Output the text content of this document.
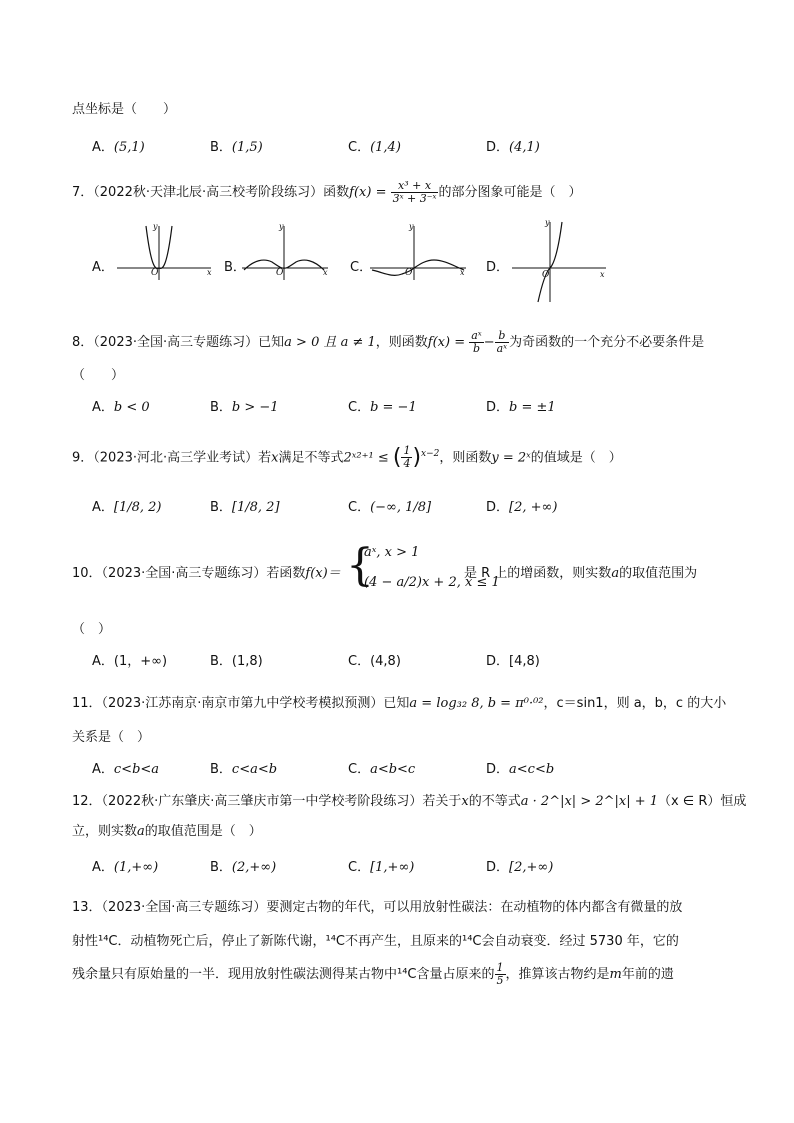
点坐标是（　　）
A．(5,1)	B．(1,5)	C．(1,4)	D．(4,1)
7．（2022秋·天津北辰·高三校考阶段练习）函数$f(x) = \frac{\text{x³ + x}}{\text{3ˣ + 3⁻ˣ}}$ 的部分图象可能是（　）
A．
y
x
O	B．
y
x
O	C．
y
x
O	D．
y
x
O
8．（2023·全国·高三专题练习）已知a > 0 且 a ≠ 1，则函数$f(x) = \frac{\text{aˣ}}{b} - \frac{b}{\text{aˣ}}$ 为奇函数的一个充分不必要条件是
（　　）
A．b < 0	B．b > −1	C．b = −1	D．b = ±1
9．（2023·河北·高三学业考试）若x满足不等式2ˣ²⁺¹ ≤ ( $\frac{1}{4} )^{x-2}$，则函数y = 2ˣ的值域是（　）
A．[1/8, 2)	B．[1/8, 2]	C．(−∞, 1/8]	D．[2, +∞)
10．（2023·全国·高三专题练习）若函数f(x)＝ {
aˣ, x > 1
(4 − a/2)x + 2, x ≤ 1
是 R 上的增函数，则实数a的取值范围为
（　）
A．(1，+∞)	B．(1,8)	C．(4,8)	D．[4,8)
11．（2023·江苏南京·南京市第九中学校考模拟预测）已知a = log₃₂ 8, b = π⁰·⁰²，c＝sin1，则 a，b，c 的大小
关系是（　）
A．c<b<a	B．c<a<b	C．a<b<c	D．a<c<b
12．（2022秋·广东肇庆·高三肇庆市第一中学校考阶段练习）若关于x的不等式a · 2^|x| > 2^|x| + 1（x ∈ R）恒成
立，则实数a的取值范围是（　）
A．(1,+∞)	B．(2,+∞)	C．[1,+∞)	D．[2,+∞)
13．（2023·全国·高三专题练习）要测定古物的年代，可以用放射性碳法：在动植物的体内都含有微量的放
射性¹⁴C．动植物死亡后，停止了新陈代谢，¹⁴C不再产生，且原来的¹⁴C会自动衰变．经过 5730 年，它的
残余量只有原始量的一半．现用放射性碳法测得某古物中¹⁴C含量占原来的 $\frac{1}{5}$ ，推算该古物约是m年前的遗
